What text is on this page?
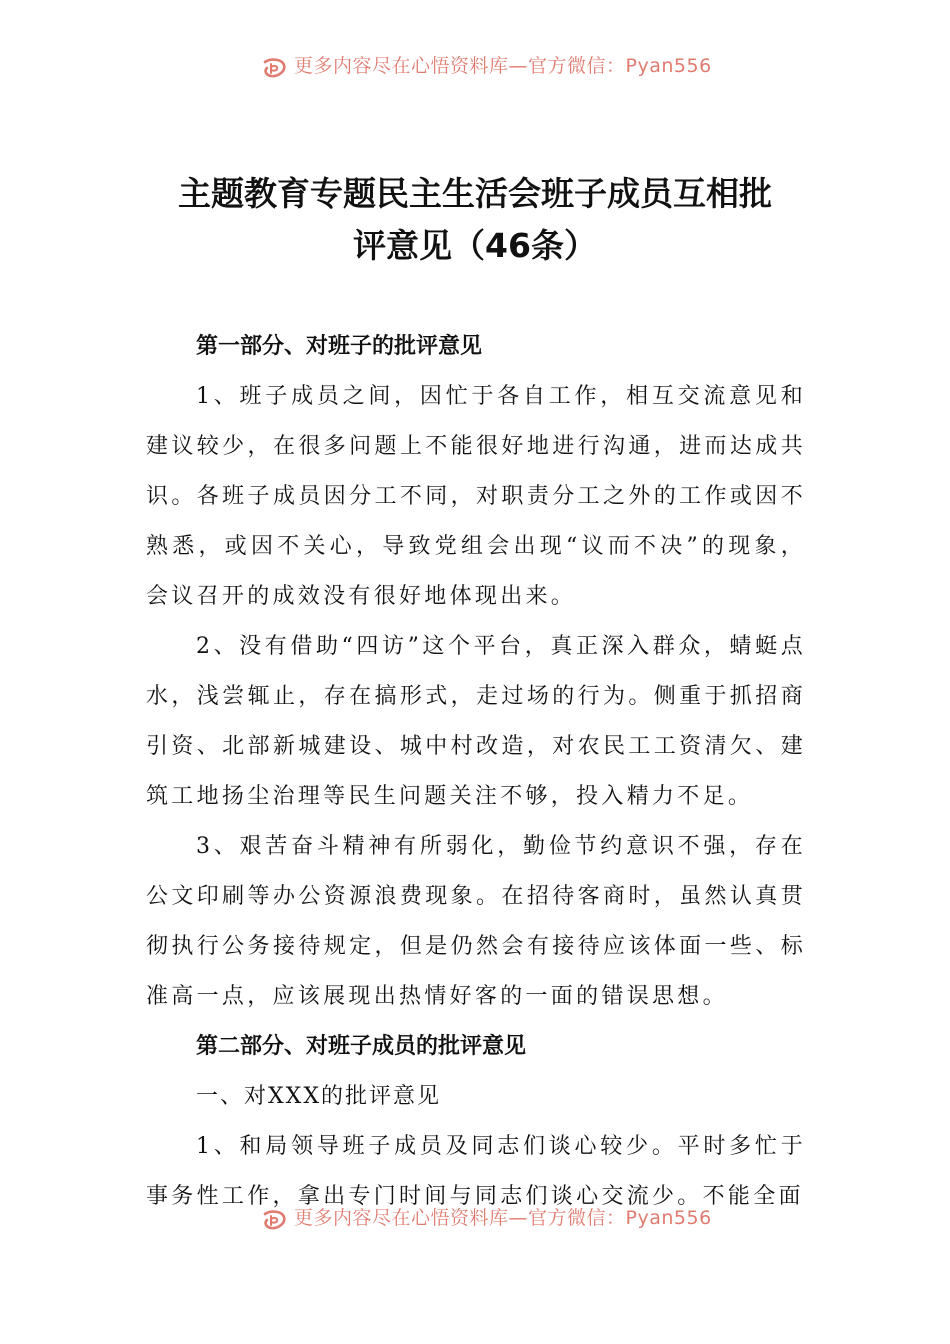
更多内容尽在心悟资料库—官方微信：Pyan556
主题教育专题民主生活会班子成员互相批
评意见（46条）

第一部分、对班子的批评意见

1、班子成员之间，因忙于各自工作，相互交流意见和建议较少，在很多问题上不能很好地进行沟通，进而达成共识。各班子成员因分工不同，对职责分工之外的工作或因不熟悉，或因不关心，导致党组会出现“议而不决”的现象，会议召开的成效没有很好地体现出来。

2、没有借助“四访”这个平台，真正深入群众，蜻蜓点水，浅尝辄止，存在搞形式，走过场的行为。侧重于抓招商引资、北部新城建设、城中村改造，对农民工工资清欠、建筑工地扬尘治理等民生问题关注不够，投入精力不足。

3、艰苦奋斗精神有所弱化，勤俭节约意识不强，存在公文印刷等办公资源浪费现象。在招待客商时，虽然认真贯彻执行公务接待规定，但是仍然会有接待应该体面一些、标准高一点，应该展现出热情好客的一面的错误思想。

第二部分、对班子成员的批评意见

一、对XXX的批评意见

1、和局领导班子成员及同志们谈心较少。平时多忙于事务性工作，拿出专门时间与同志们谈心交流少。不能全面

更多内容尽在心悟资料库—官方微信：Pyan556
